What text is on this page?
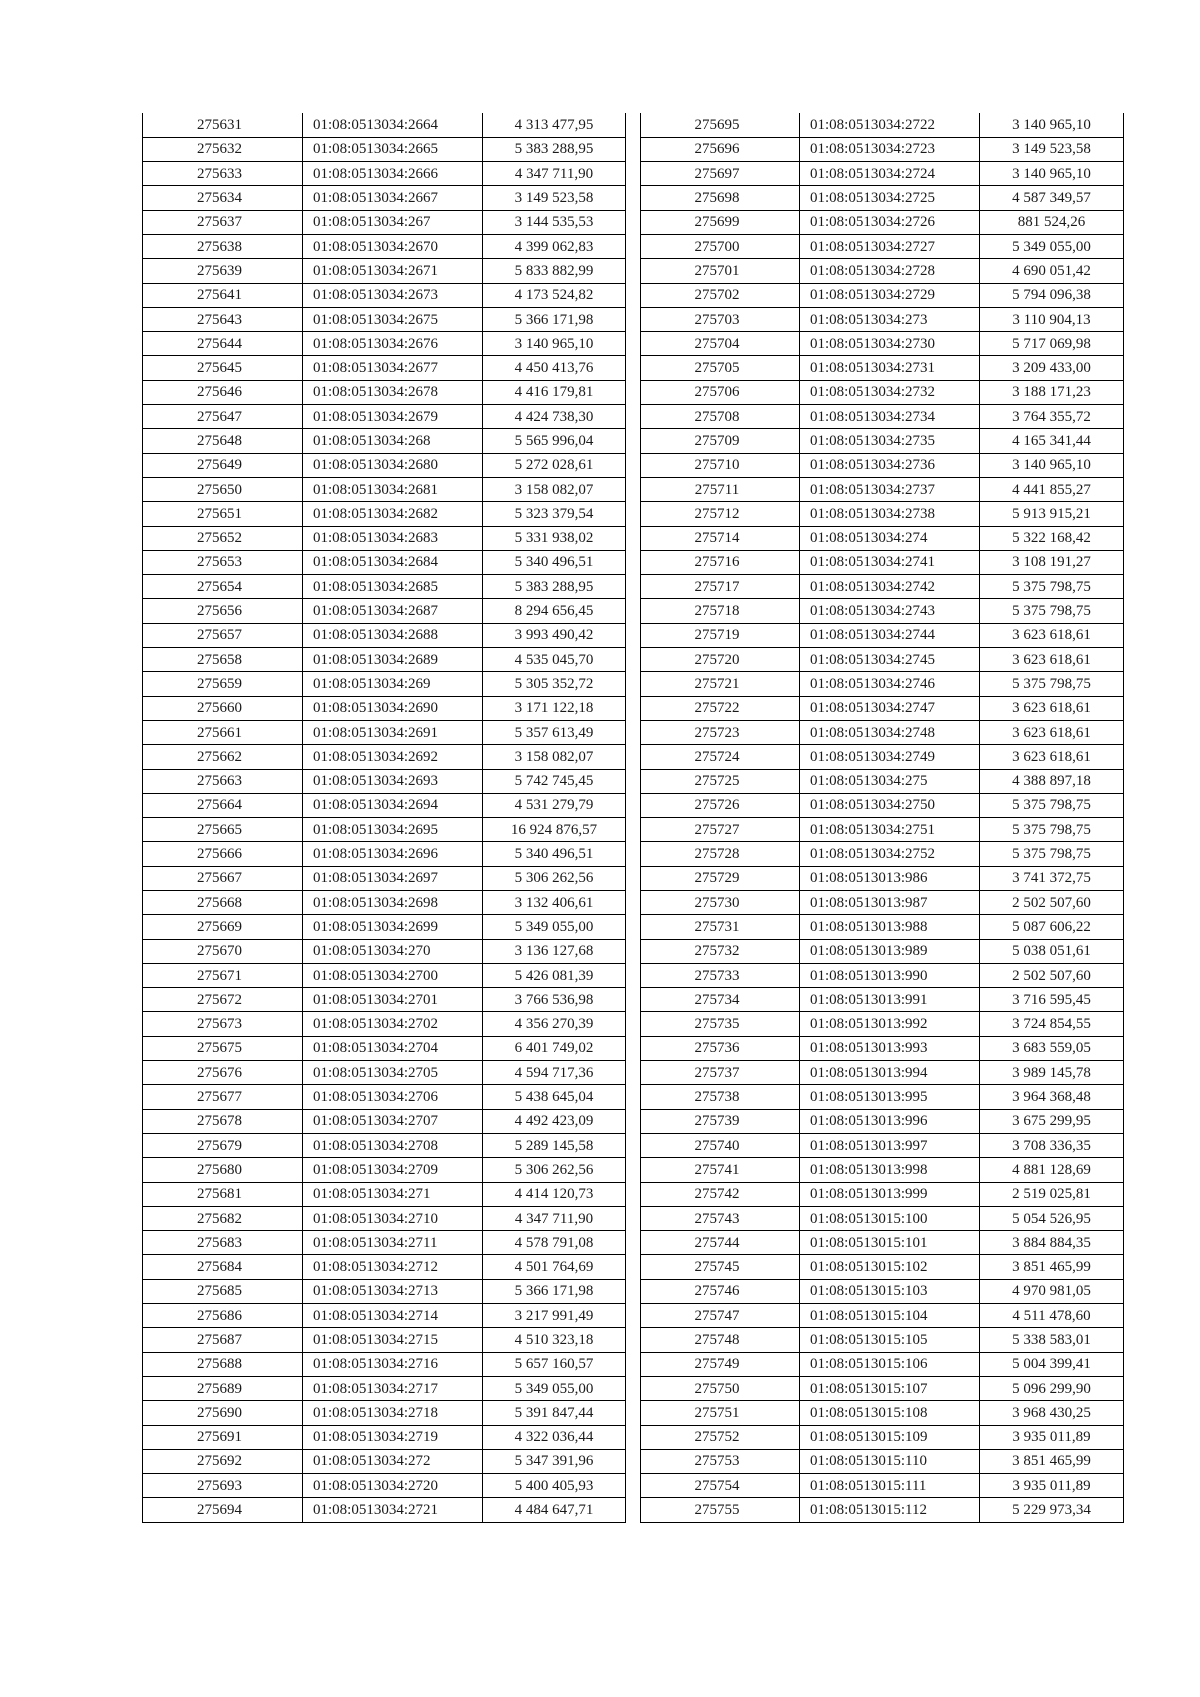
275631	01:08:0513034:2664	4 313 477,95
275632	01:08:0513034:2665	5 383 288,95
275633	01:08:0513034:2666	4 347 711,90
275634	01:08:0513034:2667	3 149 523,58
275637	01:08:0513034:267	3 144 535,53
275638	01:08:0513034:2670	4 399 062,83
275639	01:08:0513034:2671	5 833 882,99
275641	01:08:0513034:2673	4 173 524,82
275643	01:08:0513034:2675	5 366 171,98
275644	01:08:0513034:2676	3 140 965,10
275645	01:08:0513034:2677	4 450 413,76
275646	01:08:0513034:2678	4 416 179,81
275647	01:08:0513034:2679	4 424 738,30
275648	01:08:0513034:268	5 565 996,04
275649	01:08:0513034:2680	5 272 028,61
275650	01:08:0513034:2681	3 158 082,07
275651	01:08:0513034:2682	5 323 379,54
275652	01:08:0513034:2683	5 331 938,02
275653	01:08:0513034:2684	5 340 496,51
275654	01:08:0513034:2685	5 383 288,95
275656	01:08:0513034:2687	8 294 656,45
275657	01:08:0513034:2688	3 993 490,42
275658	01:08:0513034:2689	4 535 045,70
275659	01:08:0513034:269	5 305 352,72
275660	01:08:0513034:2690	3 171 122,18
275661	01:08:0513034:2691	5 357 613,49
275662	01:08:0513034:2692	3 158 082,07
275663	01:08:0513034:2693	5 742 745,45
275664	01:08:0513034:2694	4 531 279,79
275665	01:08:0513034:2695	16 924 876,57
275666	01:08:0513034:2696	5 340 496,51
275667	01:08:0513034:2697	5 306 262,56
275668	01:08:0513034:2698	3 132 406,61
275669	01:08:0513034:2699	5 349 055,00
275670	01:08:0513034:270	3 136 127,68
275671	01:08:0513034:2700	5 426 081,39
275672	01:08:0513034:2701	3 766 536,98
275673	01:08:0513034:2702	4 356 270,39
275675	01:08:0513034:2704	6 401 749,02
275676	01:08:0513034:2705	4 594 717,36
275677	01:08:0513034:2706	5 438 645,04
275678	01:08:0513034:2707	4 492 423,09
275679	01:08:0513034:2708	5 289 145,58
275680	01:08:0513034:2709	5 306 262,56
275681	01:08:0513034:271	4 414 120,73
275682	01:08:0513034:2710	4 347 711,90
275683	01:08:0513034:2711	4 578 791,08
275684	01:08:0513034:2712	4 501 764,69
275685	01:08:0513034:2713	5 366 171,98
275686	01:08:0513034:2714	3 217 991,49
275687	01:08:0513034:2715	4 510 323,18
275688	01:08:0513034:2716	5 657 160,57
275689	01:08:0513034:2717	5 349 055,00
275690	01:08:0513034:2718	5 391 847,44
275691	01:08:0513034:2719	4 322 036,44
275692	01:08:0513034:272	5 347 391,96
275693	01:08:0513034:2720	5 400 405,93
275694	01:08:0513034:2721	4 484 647,71
275695	01:08:0513034:2722	3 140 965,10
275696	01:08:0513034:2723	3 149 523,58
275697	01:08:0513034:2724	3 140 965,10
275698	01:08:0513034:2725	4 587 349,57
275699	01:08:0513034:2726	881 524,26
275700	01:08:0513034:2727	5 349 055,00
275701	01:08:0513034:2728	4 690 051,42
275702	01:08:0513034:2729	5 794 096,38
275703	01:08:0513034:273	3 110 904,13
275704	01:08:0513034:2730	5 717 069,98
275705	01:08:0513034:2731	3 209 433,00
275706	01:08:0513034:2732	3 188 171,23
275708	01:08:0513034:2734	3 764 355,72
275709	01:08:0513034:2735	4 165 341,44
275710	01:08:0513034:2736	3 140 965,10
275711	01:08:0513034:2737	4 441 855,27
275712	01:08:0513034:2738	5 913 915,21
275714	01:08:0513034:274	5 322 168,42
275716	01:08:0513034:2741	3 108 191,27
275717	01:08:0513034:2742	5 375 798,75
275718	01:08:0513034:2743	5 375 798,75
275719	01:08:0513034:2744	3 623 618,61
275720	01:08:0513034:2745	3 623 618,61
275721	01:08:0513034:2746	5 375 798,75
275722	01:08:0513034:2747	3 623 618,61
275723	01:08:0513034:2748	3 623 618,61
275724	01:08:0513034:2749	3 623 618,61
275725	01:08:0513034:275	4 388 897,18
275726	01:08:0513034:2750	5 375 798,75
275727	01:08:0513034:2751	5 375 798,75
275728	01:08:0513034:2752	5 375 798,75
275729	01:08:0513013:986	3 741 372,75
275730	01:08:0513013:987	2 502 507,60
275731	01:08:0513013:988	5 087 606,22
275732	01:08:0513013:989	5 038 051,61
275733	01:08:0513013:990	2 502 507,60
275734	01:08:0513013:991	3 716 595,45
275735	01:08:0513013:992	3 724 854,55
275736	01:08:0513013:993	3 683 559,05
275737	01:08:0513013:994	3 989 145,78
275738	01:08:0513013:995	3 964 368,48
275739	01:08:0513013:996	3 675 299,95
275740	01:08:0513013:997	3 708 336,35
275741	01:08:0513013:998	4 881 128,69
275742	01:08:0513013:999	2 519 025,81
275743	01:08:0513015:100	5 054 526,95
275744	01:08:0513015:101	3 884 884,35
275745	01:08:0513015:102	3 851 465,99
275746	01:08:0513015:103	4 970 981,05
275747	01:08:0513015:104	4 511 478,60
275748	01:08:0513015:105	5 338 583,01
275749	01:08:0513015:106	5 004 399,41
275750	01:08:0513015:107	5 096 299,90
275751	01:08:0513015:108	3 968 430,25
275752	01:08:0513015:109	3 935 011,89
275753	01:08:0513015:110	3 851 465,99
275754	01:08:0513015:111	3 935 011,89
275755	01:08:0513015:112	5 229 973,34
